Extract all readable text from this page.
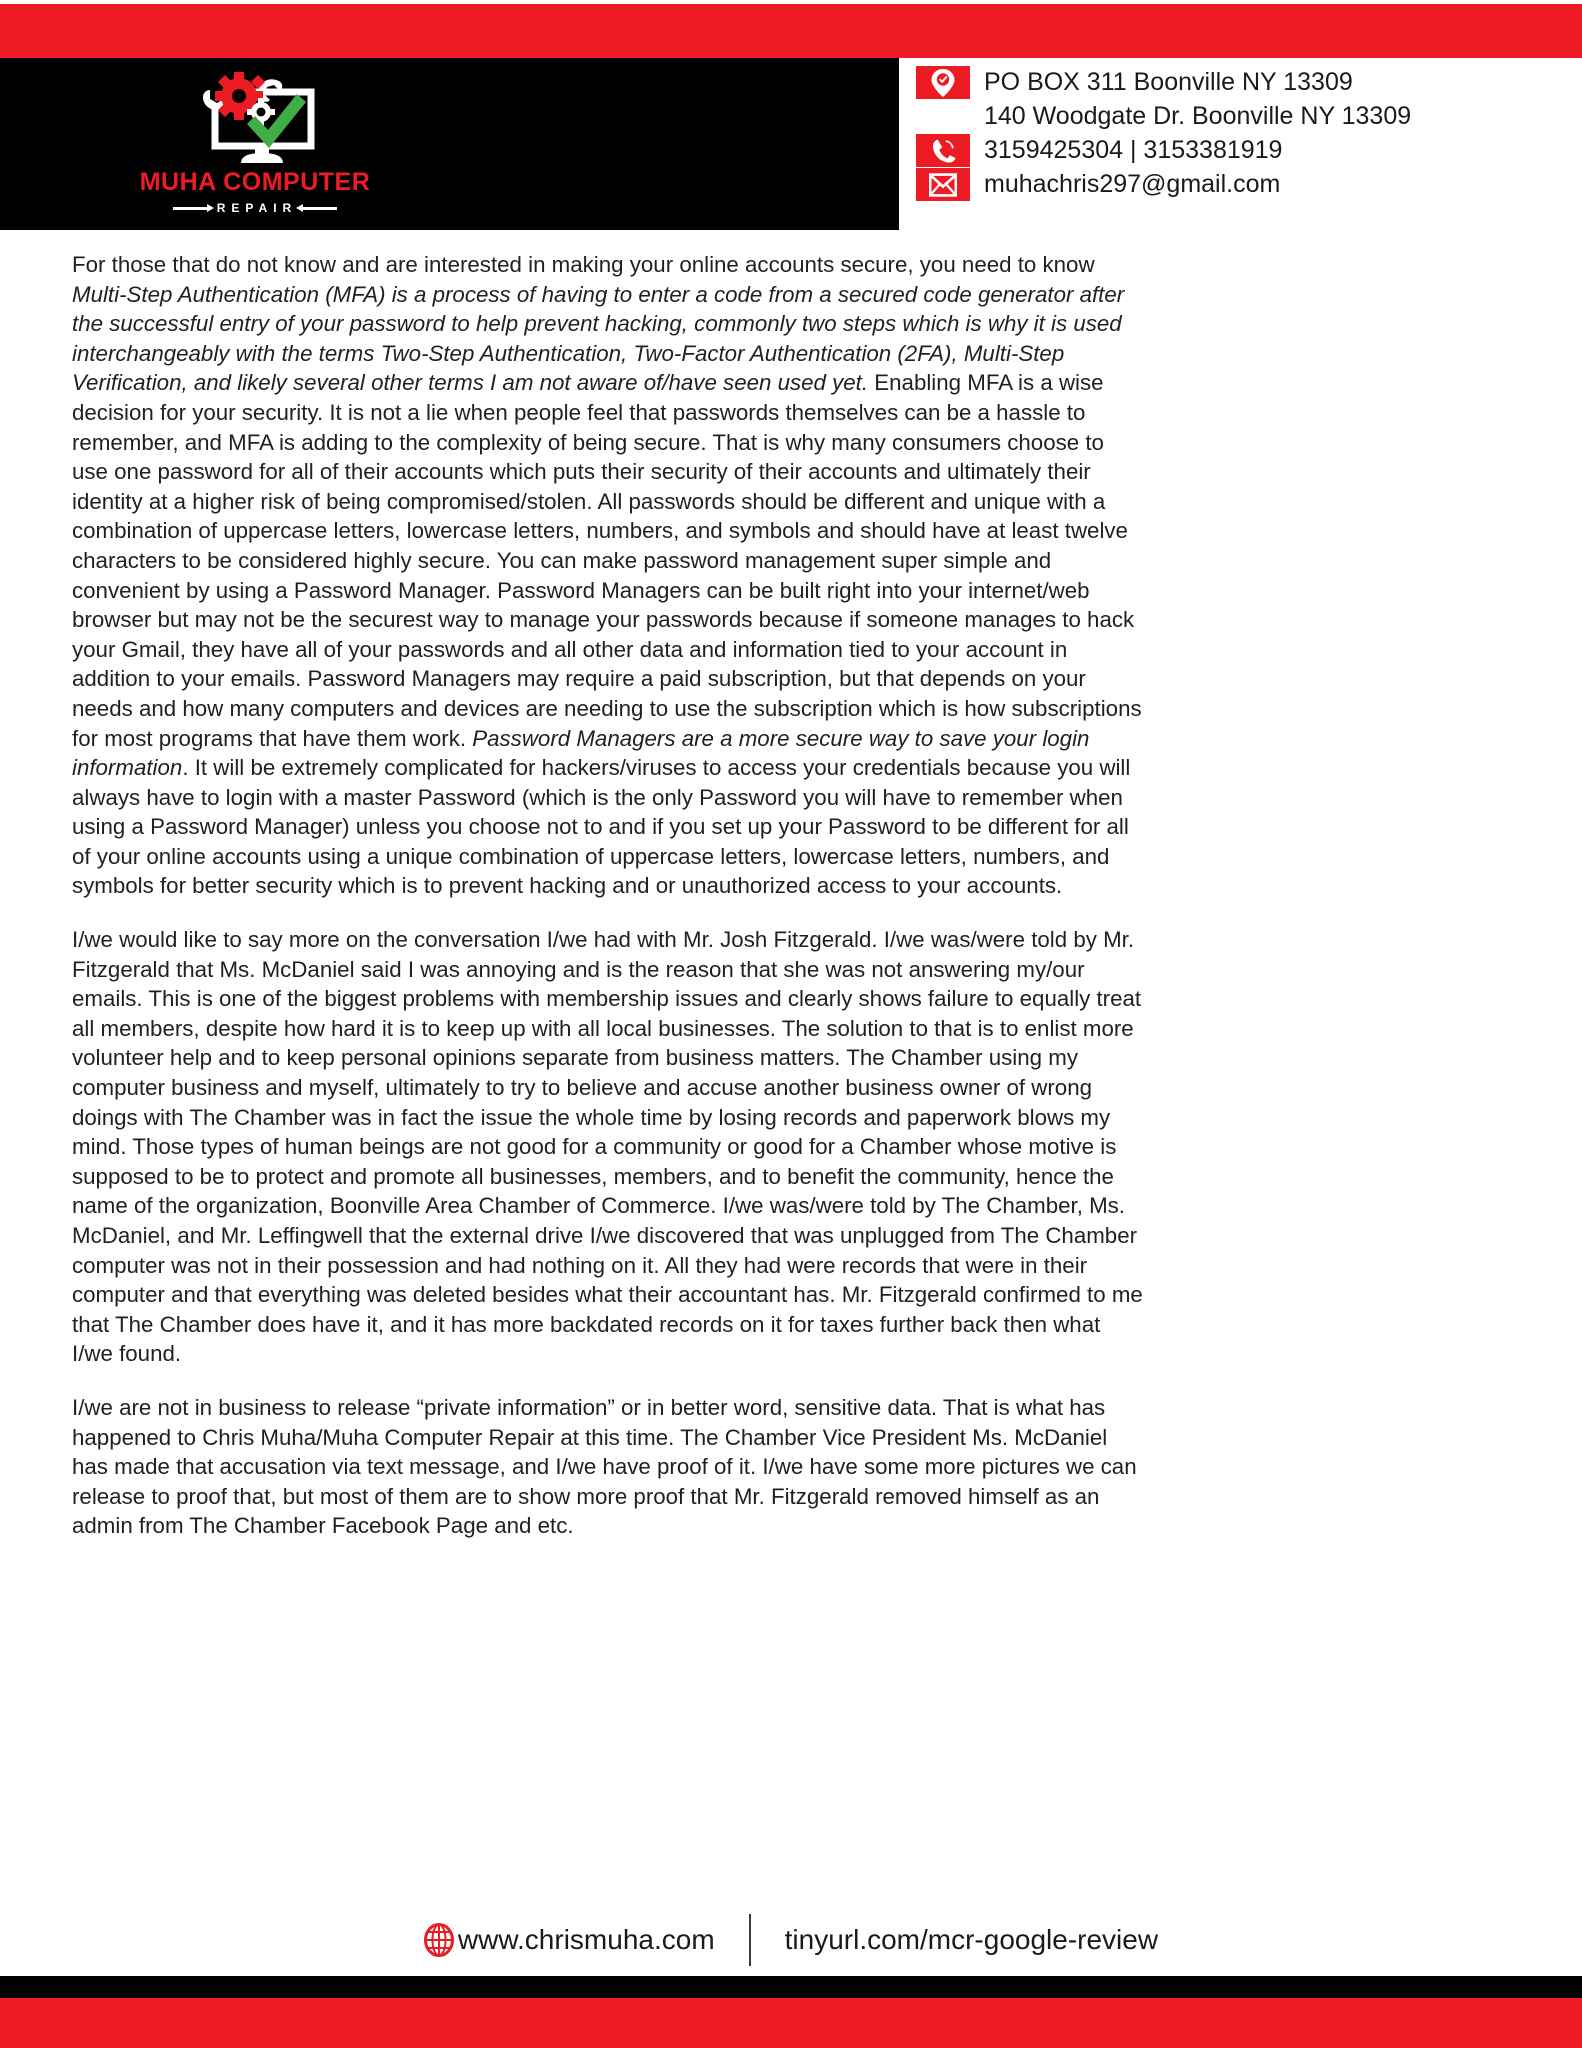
MUHA COMPUTER
REPAIR
PO BOX 311 Boonville NY 13309
140 Woodgate Dr. Boonville NY 13309
3159425304 | 3153381919
muhachris297@gmail.com

For those that do not know and are interested in making your online accounts secure, you need to know Multi-Step Authentication (MFA) is a process of having to enter a code from a secured code generator after the successful entry of your password to help prevent hacking, commonly two steps which is why it is used interchangeably with the terms Two-Step Authentication, Two-Factor Authentication (2FA), Multi-Step Verification, and likely several other terms I am not aware of/have seen used yet. Enabling MFA is a wise decision for your security. It is not a lie when people feel that passwords themselves can be a hassle to remember, and MFA is adding to the complexity of being secure. That is why many consumers choose to use one password for all of their accounts which puts their security of their accounts and ultimately their identity at a higher risk of being compromised/stolen. All passwords should be different and unique with a combination of uppercase letters, lowercase letters, numbers, and symbols and should have at least twelve characters to be considered highly secure. You can make password management super simple and convenient by using a Password Manager. Password Managers can be built right into your internet/web browser but may not be the securest way to manage your passwords because if someone manages to hack your Gmail, they have all of your passwords and all other data and information tied to your account in addition to your emails. Password Managers may require a paid subscription, but that depends on your needs and how many computers and devices are needing to use the subscription which is how subscriptions for most programs that have them work. Password Managers are a more secure way to save your login information. It will be extremely complicated for hackers/viruses to access your credentials because you will always have to login with a master Password (which is the only Password you will have to remember when using a Password Manager) unless you choose not to and if you set up your Password to be different for all of your online accounts using a unique combination of uppercase letters, lowercase letters, numbers, and symbols for better security which is to prevent hacking and or unauthorized access to your accounts.

I/we would like to say more on the conversation I/we had with Mr. Josh Fitzgerald. I/we was/were told by Mr. Fitzgerald that Ms. McDaniel said I was annoying and is the reason that she was not answering my/our emails. This is one of the biggest problems with membership issues and clearly shows failure to equally treat all members, despite how hard it is to keep up with all local businesses. The solution to that is to enlist more volunteer help and to keep personal opinions separate from business matters. The Chamber using my computer business and myself, ultimately to try to believe and accuse another business owner of wrong doings with The Chamber was in fact the issue the whole time by losing records and paperwork blows my mind. Those types of human beings are not good for a community or good for a Chamber whose motive is supposed to be to protect and promote all businesses, members, and to benefit the community, hence the name of the organization, Boonville Area Chamber of Commerce. I/we was/were told by The Chamber, Ms. McDaniel, and Mr. Leffingwell that the external drive I/we discovered that was unplugged from The Chamber computer was not in their possession and had nothing on it. All they had were records that were in their computer and that everything was deleted besides what their accountant has. Mr. Fitzgerald confirmed to me that The Chamber does have it, and it has more backdated records on it for taxes further back then what I/we found.

I/we are not in business to release “private information” or in better word, sensitive data. That is what has happened to Chris Muha/Muha Computer Repair at this time. The Chamber Vice President Ms. McDaniel has made that accusation via text message, and I/we have proof of it. I/we have some more pictures we can release to proof that, but most of them are to show more proof that Mr. Fitzgerald removed himself as an admin from The Chamber Facebook Page and etc.

www.chrismuha.com	tinyurl.com/mcr-google-review
